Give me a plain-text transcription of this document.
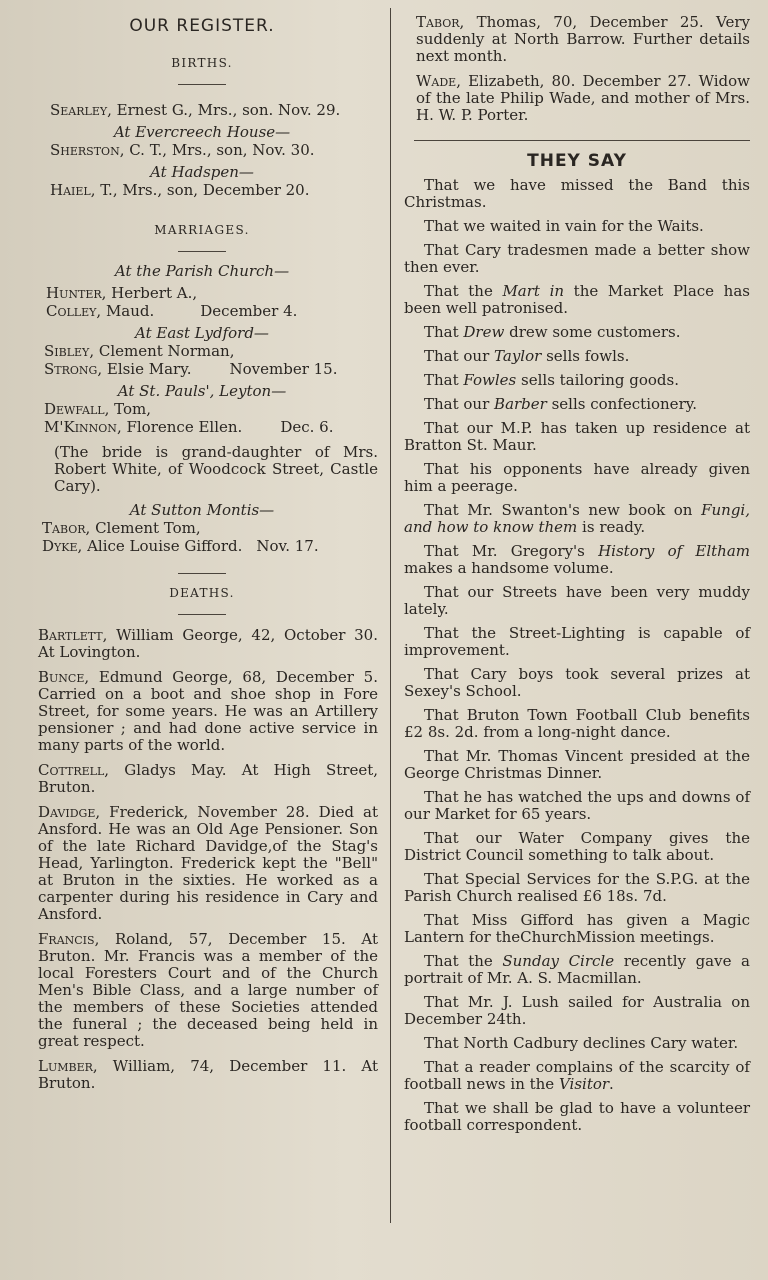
OUR REGISTER.
BIRTHS.

Searley, Ernest G., Mrs., son. Nov. 29.

At Evercreech House—

Sherston, C. T., Mrs., son, Nov. 30.

At Hadspen—

Haiel, T., Mrs., son, December 20.

MARRIAGES.

At the Parish Church—

Hunter, Herbert A.,

Colley, Maud.	December 4.

At East Lydford—

Sibley, Clement Norman,

Strong, Elsie Mary.	November 15.

At St. Pauls', Leyton—

Dewfall, Tom,

M'Kinnon, Florence Ellen.	Dec. 6.

(The bride is grand-daughter of Mrs. Robert White, of Woodcock Street, Castle Cary).

At Sutton Montis—

Tabor, Clement Tom,

Dyke, Alice Louise Gifford. Nov. 17.

DEATHS.

Bartlett, William George, 42, October 30. At Lovington.

Bunce, Edmund George, 68, December 5. Carried on a boot and shoe shop in Fore Street, for some years. He was an Artillery pensioner ; and had done active service in many parts of the world.

Cottrell, Gladys May. At High Street, Bruton.

Davidge, Frederick, November 28. Died at Ansford. He was an Old Age Pensioner. Son of the late Richard Davidge,of the Stag's Head, Yarlington. Frederick kept the "Bell" at Bruton in the sixties. He worked as a carpenter during his residence in Cary and Ansford.

Francis, Roland, 57, December 15. At Bruton. Mr. Francis was a member of the local Foresters Court and of the Church Men's Bible Class, and a large number of the members of these Societies attended the funeral ; the deceased being held in great respect.

Lumber, William, 74, December 11. At Bruton.

Tabor, Thomas, 70, December 25. Very suddenly at North Barrow. Further details next month.

Wade, Elizabeth, 80. December 27. Widow of the late Philip Wade, and mother of Mrs. H. W. P. Porter.

THEY SAY

That we have missed the Band this Christmas.

That we waited in vain for the Waits.

That Cary tradesmen made a better show then ever.

That the Mart in the Market Place has been well patronised.

That Drew drew some customers.

That our Taylor sells fowls.

That Fowles sells tailoring goods.

That our Barber sells confectionery.

That our M.P. has taken up residence at Bratton St. Maur.

That his opponents have already given him a peerage.

That Mr. Swanton's new book on Fungi, and how to know them is ready.

That Mr. Gregory's History of Eltham makes a handsome volume.

That our Streets have been very muddy lately.

That the Street-Lighting is capable of improvement.

That Cary boys took several prizes at Sexey's School.

That Bruton Town Football Club benefits £2 8s. 2d. from a long-night dance.

That Mr. Thomas Vincent presided at the George Christmas Dinner.

That he has watched the ups and downs of our Market for 65 years.

That our Water Company gives the District Council something to talk about.

That Special Services for the S.P.G. at the Parish Church realised £6 18s. 7d.

That Miss Gifford has given a Magic Lantern for theChurchMission meetings.

That the Sunday Circle recently gave a portrait of Mr. A. S. Macmillan.

That Mr. J. Lush sailed for Australia on December 24th.

That North Cadbury declines Cary water.

That a reader complains of the scarcity of football news in the Visitor.

That we shall be glad to have a volunteer football correspondent.
